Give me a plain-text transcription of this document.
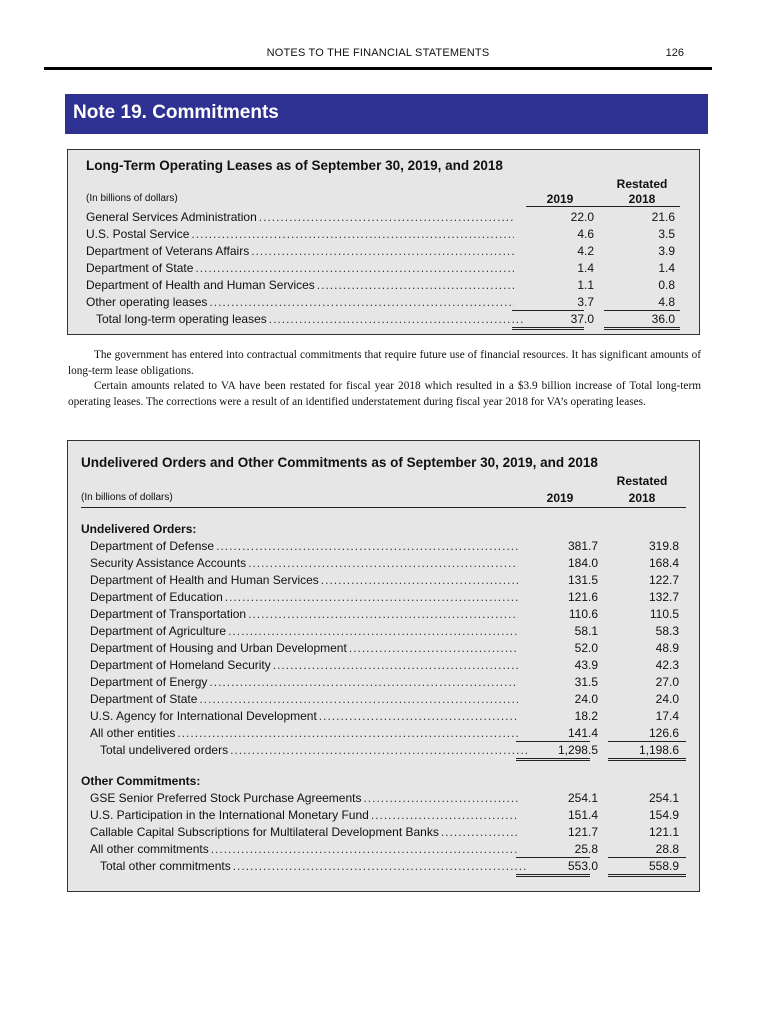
NOTES TO THE FINANCIAL STATEMENTS	126
Note 19. Commitments
Long-Term Operating Leases as of September 30, 2019, and 2018
(In billions of dollars)	2019
Restated
2018
General Services Administration .....	22.0	21.6
U.S. Postal Service .....	4.6	3.5
Department of Veterans Affairs .....	4.2	3.9
Department of State .....	1.4	1.4
Department of Health and Human Services .....	1.1	0.8
Other operating leases .....	3.7	4.8
Total long-term operating leases .....	37.0	36.0

The government has entered into contractual commitments that require future use of financial resources. It has significant amounts of long-term lease obligations.

Certain amounts related to VA have been restated for fiscal year 2018 which resulted in a $3.9 billion increase of Total long-term operating leases. The corrections were a result of an identified understatement during fiscal year 2018 for VA’s operating leases.

Undelivered Orders and Other Commitments as of September 30, 2019, and 2018
(In billions of dollars)	2019
Restated
2018
Undelivered Orders:
Department of Defense .....	381.7	319.8
Security Assistance Accounts .....	184.0	168.4
Department of Health and Human Services .....	131.5	122.7
Department of Education .....	121.6	132.7
Department of Transportation .....	110.6	110.5
Department of Agriculture .....	58.1	58.3
Department of Housing and Urban Development .....	52.0	48.9
Department of Homeland Security .....	43.9	42.3
Department of Energy .....	31.5	27.0
Department of State .....	24.0	24.0
U.S. Agency for International Development .....	18.2	17.4
All other entities .....	141.4	126.6
Total undelivered orders .....	1,298.5	1,198.6
Other Commitments:
GSE Senior Preferred Stock Purchase Agreements .....	254.1	254.1
U.S. Participation in the International Monetary Fund .....	151.4	154.9
Callable Capital Subscriptions for Multilateral Development Banks .....	121.7	121.1
All other commitments .....	25.8	28.8
Total other commitments .....	553.0	558.9
